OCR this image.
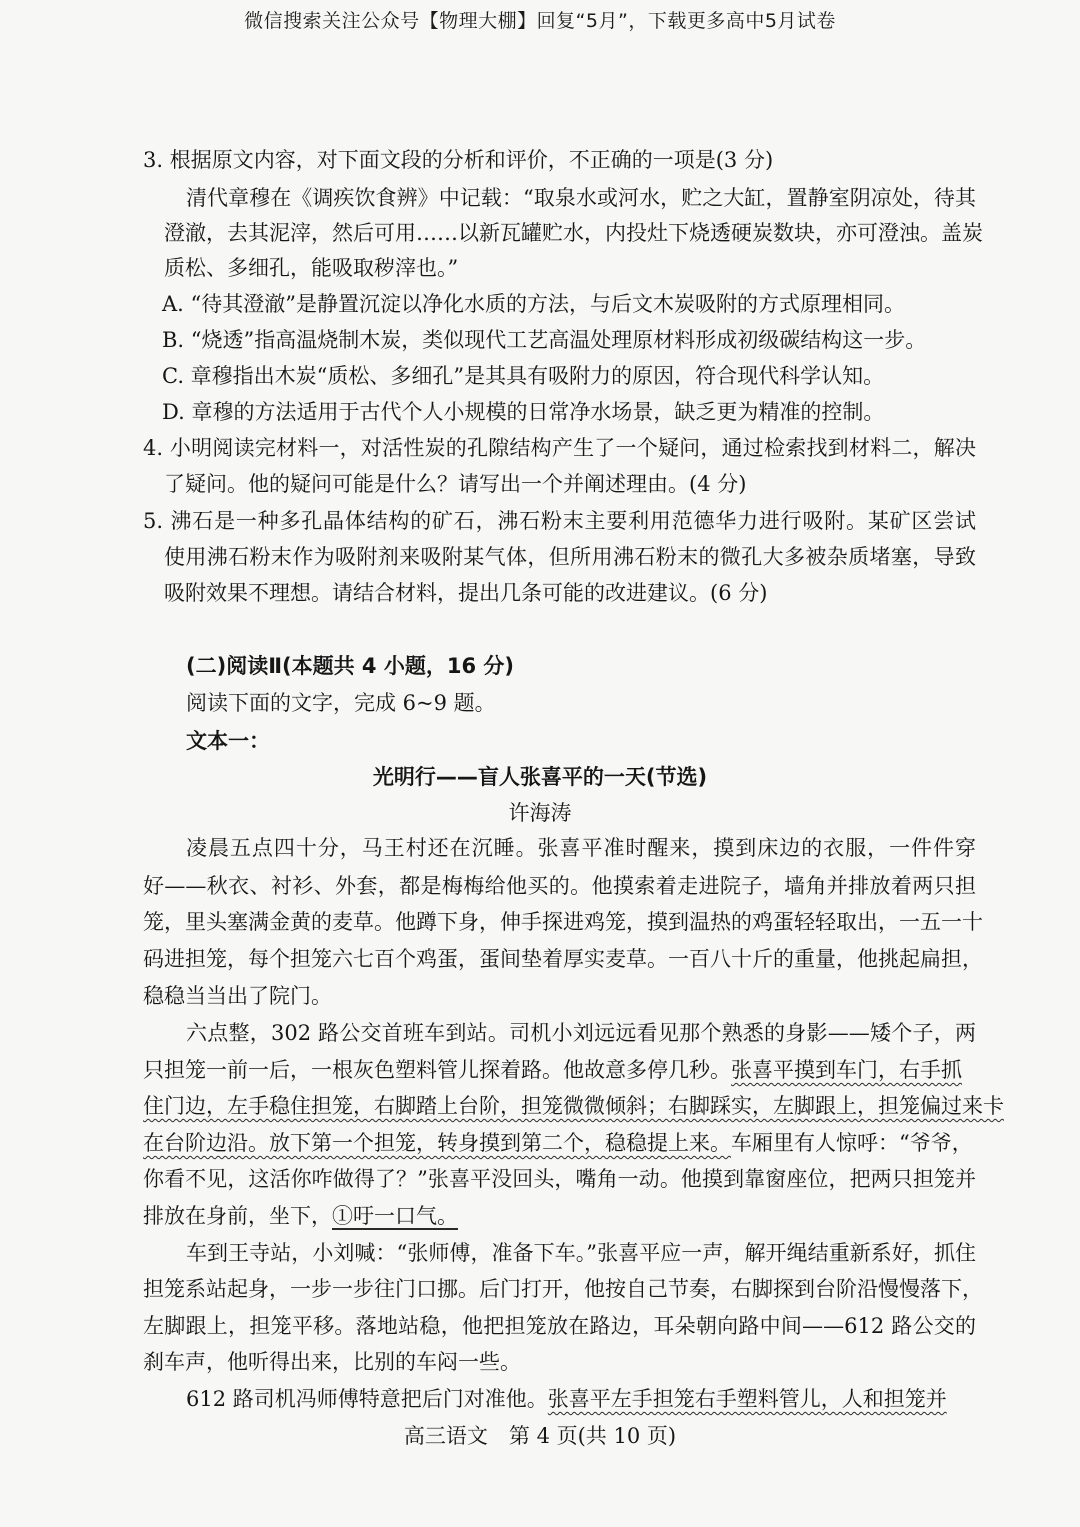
微信搜索关注公众号【物理大棚】回复“5月”，下载更多高中5月试卷
3. 根据原文内容，对下面文段的分析和评价，不正确的一项是(3 分)
清代章穆在《调疾饮食辨》中记载：“取泉水或河水，贮之大缸，置静室阴凉处，待其
澄澈，去其泥滓，然后可用……以新瓦罐贮水，内投灶下烧透硬炭数块，亦可澄浊。盖炭
质松、多细孔，能吸取秽滓也。”
A. “待其澄澈”是静置沉淀以净化水质的方法，与后文木炭吸附的方式原理相同。
B. “烧透”指高温烧制木炭，类似现代工艺高温处理原材料形成初级碳结构这一步。
C. 章穆指出木炭“质松、多细孔”是其具有吸附力的原因，符合现代科学认知。
D. 章穆的方法适用于古代个人小规模的日常净水场景，缺乏更为精准的控制。
4. 小明阅读完材料一，对活性炭的孔隙结构产生了一个疑问，通过检索找到材料二，解决
了疑问。他的疑问可能是什么？请写出一个并阐述理由。(4 分)
5. 沸石是一种多孔晶体结构的矿石，沸石粉末主要利用范德华力进行吸附。某矿区尝试
使用沸石粉末作为吸附剂来吸附某气体，但所用沸石粉末的微孔大多被杂质堵塞，导致
吸附效果不理想。请结合材料，提出几条可能的改进建议。(6 分)
(二)阅读Ⅱ(本题共 4 小题，16 分)
阅读下面的文字，完成 6~9 题。
文本一：
光明行——盲人张喜平的一天(节选)
许海涛
凌晨五点四十分，马王村还在沉睡。张喜平准时醒来，摸到床边的衣服，一件件穿
好——秋衣、衬衫、外套，都是梅梅给他买的。他摸索着走进院子，墙角并排放着两只担
笼，里头塞满金黄的麦草。他蹲下身，伸手探进鸡笼，摸到温热的鸡蛋轻轻取出，一五一十
码进担笼，每个担笼六七百个鸡蛋，蛋间垫着厚实麦草。一百八十斤的重量，他挑起扁担，
稳稳当当出了院门。
六点整，302 路公交首班车到站。司机小刘远远看见那个熟悉的身影——矮个子，两
只担笼一前一后，一根灰色塑料管儿探着路。他故意多停几秒。张喜平摸到车门，右手抓
住门边，左手稳住担笼，右脚踏上台阶，担笼微微倾斜；右脚踩实，左脚跟上，担笼偏过来卡
在台阶边沿。放下第一个担笼，转身摸到第二个，稳稳提上来。车厢里有人惊呼：“爷爷，
你看不见，这活你咋做得了？”张喜平没回头，嘴角一动。他摸到靠窗座位，把两只担笼并
排放在身前，坐下，①吁一口气。
车到王寺站，小刘喊：“张师傅，准备下车。”张喜平应一声，解开绳结重新系好，抓住
担笼系站起身，一步一步往门口挪。后门打开，他按自己节奏，右脚探到台阶沿慢慢落下，
左脚跟上，担笼平移。落地站稳，他把担笼放在路边，耳朵朝向路中间——612 路公交的
刹车声，他听得出来，比别的车闷一些。
612 路司机冯师傅特意把后门对准他。张喜平左手担笼右手塑料管儿，人和担笼并
高三语文　第 4 页(共 10 页)
